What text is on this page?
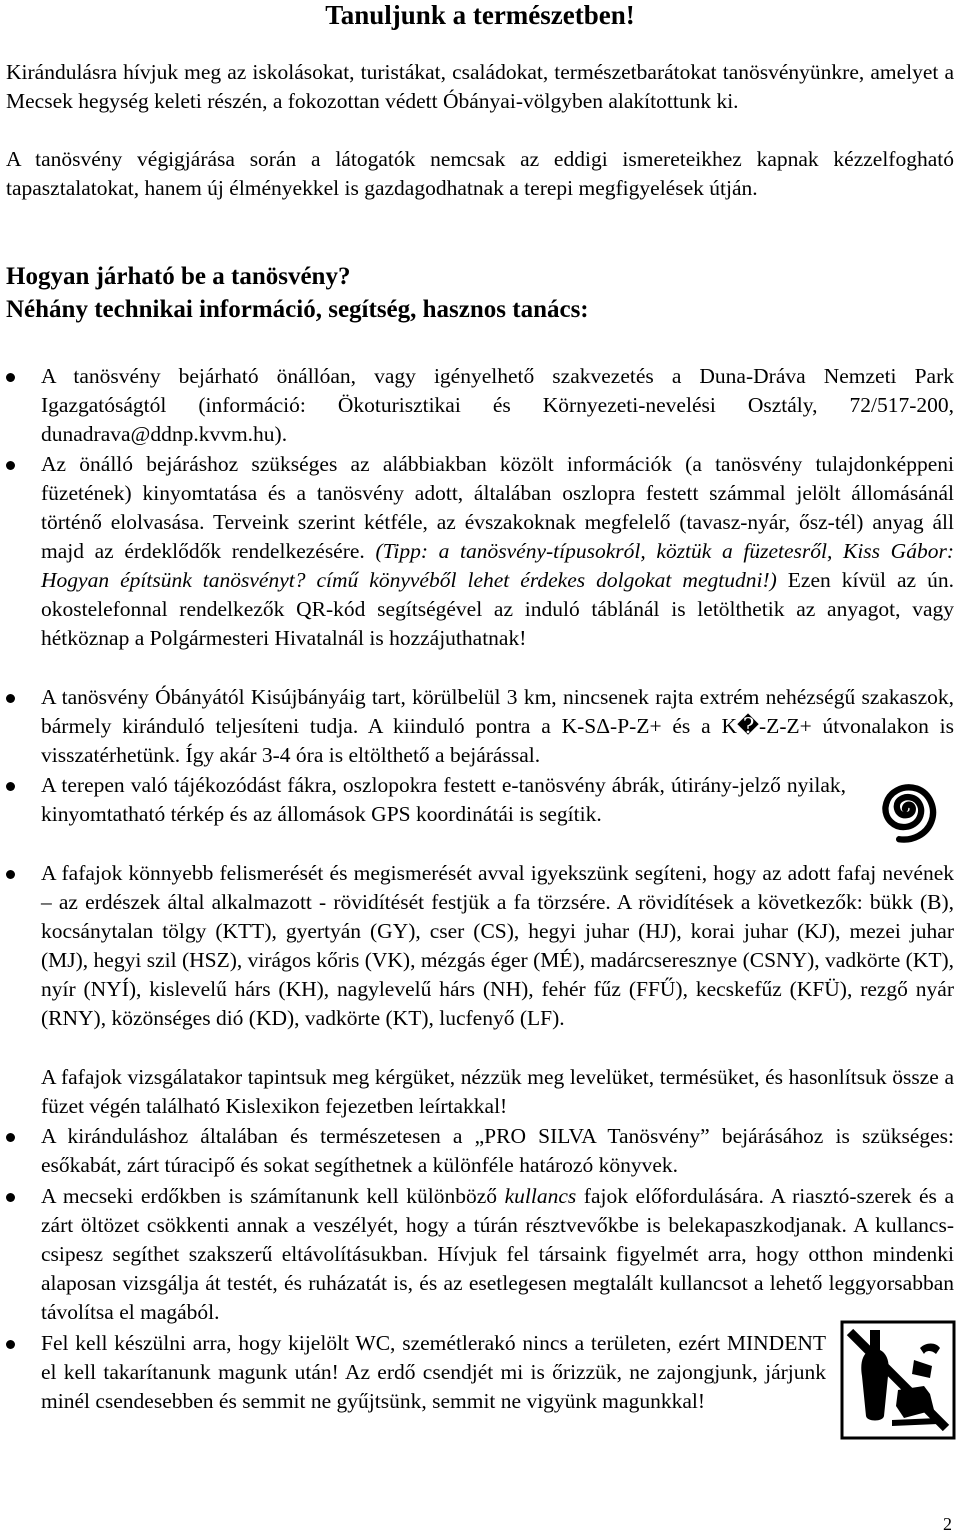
Tanuljunk a természetben!

Kirándulásra hívjuk meg az iskolásokat, turistákat, családokat, természetbarátokat tanösvényünkre, amelyet a Mecsek hegység keleti részén, a fokozottan védett Óbányai-völgyben alakítottunk ki.

A tanösvény végigjárása során a látogatók nemcsak az eddigi ismereteikhez kapnak kézzelfogható tapasztalatokat, hanem új élményekkel is gazdagodhatnak a terepi megfigyelések útján.

Hogyan járható be a tanösvény?
Néhány technikai információ, segítség, hasznos tanács:

A tanösvény bejárható önállóan, vagy igényelhető szakvezetés a Duna-Dráva Nemzeti Park Igazgatóságtól (információ: Ökoturisztikai és Környezeti-nevelési Osztály, 72/517-200, dunadrava@ddnp.kvvm.hu).

Az önálló bejáráshoz szükséges az alábbiakban közölt információk (a tanösvény tulajdonképpeni füzetének) kinyomtatása és a tanösvény adott, általában oszlopra festett számmal jelölt állomásánál történő elolvasása. Terveink szerint kétféle, az évszakoknak megfelelő (tavasz-nyár, ősz-tél) anyag áll majd az érdeklődők rendelkezésére. (Tipp: a tanösvény-típusokról, köztük a füzetesről, Kiss Gábor: Hogyan építsünk tanösvényt? című könyvéből lehet érdekes dolgokat megtudni!) Ezen kívül az ún. okostelefonnal rendelkezők QR-kód segítségével az induló táblánál is letölthetik az anyagot, vagy hétköznap a Polgármesteri Hivatalnál is hozzájuthatnak!

A tanösvény Óbányától Kisújbányáig tart, körülbelül 3 km, nincsenek rajta extrém nehézségű szakaszok, bármely kiránduló teljesíteni tudja. A kiinduló pontra a K-SΔ-P-Z+ és a K�-Z-Z+ útvonalakon is visszatérhetünk. Így akár 3-4 óra is eltölthető a bejárással.

A terepen való tájékozódást fákra, oszlopokra festett e-tanösvény ábrák, útirány-jelző nyilak, kinyomtatható térkép és az állomások GPS koordinátái is segítik.

A fafajok könnyebb felismerését és megismerését avval igyekszünk segíteni, hogy az adott fafaj nevének – az erdészek által alkalmazott - rövidítését festjük a fa törzsére. A rövidítések a következők: bükk (B), kocsánytalan tölgy (KTT), gyertyán (GY), cser (CS), hegyi juhar (HJ), korai juhar (KJ), mezei juhar (MJ), hegyi szil (HSZ), virágos kőris (VK), mézgás éger (MÉ), madárcseresznye (CSNY), vadkörte (KT), nyír (NYÍ), kislevelű hárs (KH), nagylevelű hárs (NH), fehér fűz (FFŰ), kecskefűz (KFÜ), rezgő nyár (RNY), közönséges dió (KD), vadkörte (KT), lucfenyő (LF).

A fafajok vizsgálatakor tapintsuk meg kérgüket, nézzük meg levelüket, termésüket, és hasonlítsuk össze a füzet végén található Kislexikon fejezetben leírtakkal!

A kiránduláshoz általában és természetesen a „PRO SILVA Tanösvény” bejárásához is szükséges: esőkabát, zárt túracipő és sokat segíthetnek a különféle határozó könyvek.

A mecseki erdőkben is számítanunk kell különböző kullancs fajok előfordulására. A riasztó-szerek és a zárt öltözet csökkenti annak a veszélyét, hogy a túrán résztvevőkbe is belekapaszkodjanak. A kullancs-csipesz segíthet szakszerű eltávolításukban. Hívjuk fel társaink figyelmét arra, hogy otthon mindenki alaposan vizsgálja át testét, és ruházatát is, és az esetlegesen megtalált kullancsot a lehető leggyorsabban távolítsa el magából.

Fel kell készülni arra, hogy kijelölt WC, szemétlerakó nincs a területen, ezért MINDENT el kell takarítanunk magunk után! Az erdő csendjét mi is őrizzük, ne zajongjunk, járjunk minél csendesebben és semmit ne gyűjtsünk, semmit ne vigyünk magunkkal!

2
